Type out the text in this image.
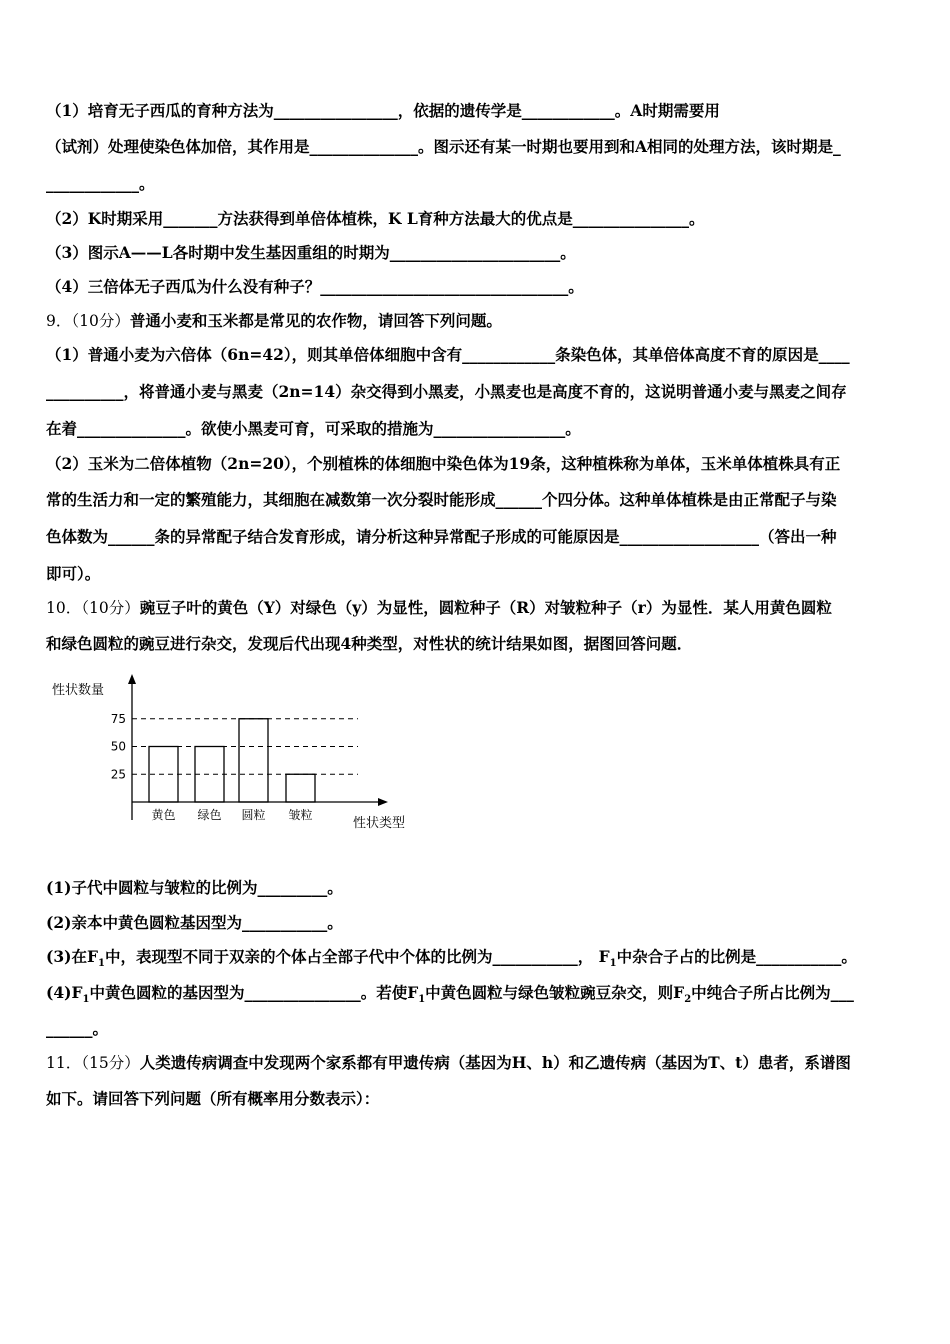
（1）培育无子西瓜的育种方法为________________，依据的遗传学是____________。A时期需要用
（试剂）处理使染色体加倍，其作用是______________。图示还有某一时期也要用到和A相同的处理方法，该时期是_
____________。
（2）K时期采用_______方法获得到单倍体植株，K L育种方法最大的优点是_______________。
（3）图示A——L各时期中发生基因重组的时期为______________________。
（4）三倍体无子西瓜为什么没有种子？________________________________。
9．（10分）普通小麦和玉米都是常见的农作物，请回答下列问题。
（1）普通小麦为六倍体（6n=42），则其单倍体细胞中含有____________条染色体，其单倍体高度不育的原因是____
__________，将普通小麦与黑麦（2n=14）杂交得到小黑麦，小黑麦也是高度不育的，这说明普通小麦与黑麦之间存
在着______________。欲使小黑麦可育，可采取的措施为_________________。
（2）玉米为二倍体植物（2n=20），个别植株的体细胞中染色体为19条，这种植株称为单体，玉米单体植株具有正
常的生活力和一定的繁殖能力，其细胞在减数第一次分裂时能形成______个四分体。这种单体植株是由正常配子与染
色体数为______条的异常配子结合发育形成，请分析这种异常配子形成的可能原因是__________________（答出一种
即可）。
10．（10分）豌豆子叶的黄色（Y）对绿色（y）为显性，圆粒种子（R）对皱粒种子（r）为显性．某人用黄色圆粒
和绿色圆粒的豌豆进行杂交，发现后代出现4种类型，对性状的统计结果如图，据图回答问题．
75
50
25
黄色 绿色 圆粒 皱粒
性状数量
性状类型
(1)子代中圆粒与皱粒的比例为_________。
(2)亲本中黄色圆粒基因型为___________。
(3)在$F_1$中，表现型不同于双亲的个体占全部子代中个体的比例为___________， $F_1$中杂合子占的比例是___________。
$(4)F_1$中黄色圆粒的基因型为_______________。若使$F_1$中黄色圆粒与绿色皱粒豌豆杂交，则$F_2$中纯合子所占比例为___
______。
11．（15分）人类遗传病调查中发现两个家系都有甲遗传病（基因为H、h）和乙遗传病（基因为T、t）患者，系谱图
如下。请回答下列问题（所有概率用分数表示）：
